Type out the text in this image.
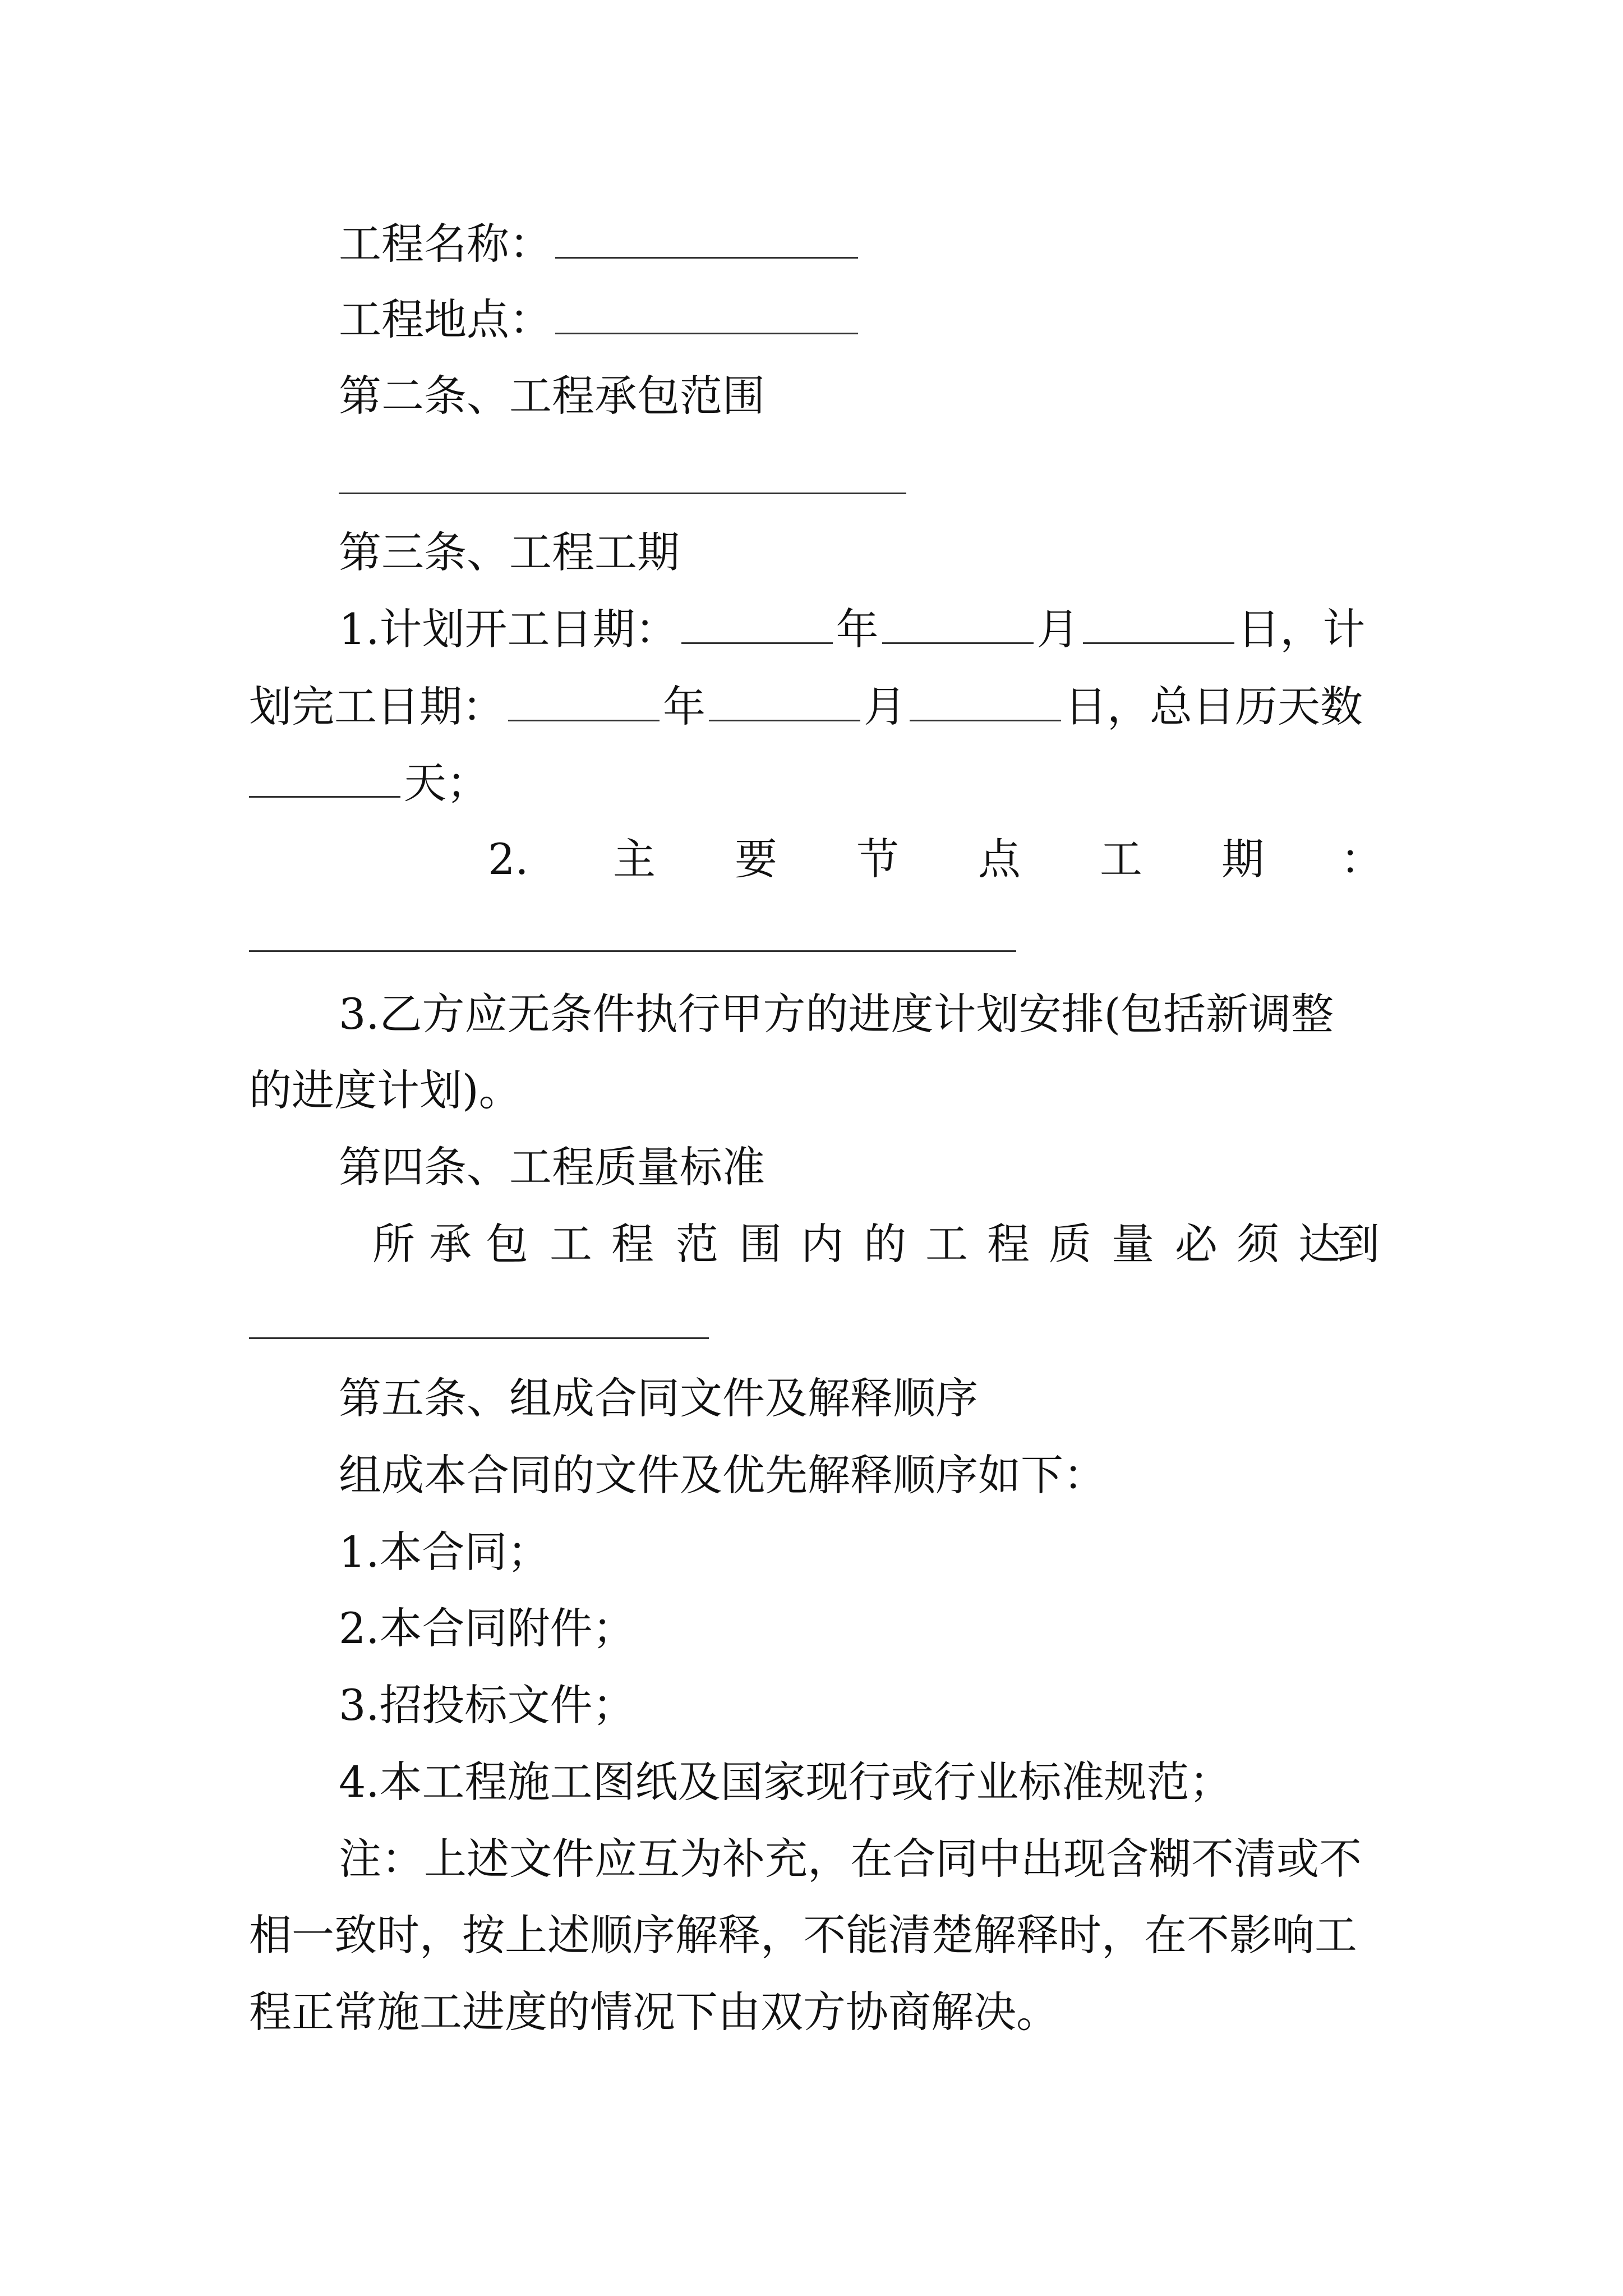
工程名称：
工程地点：
第二条、工程承包范围
第三条、工程工期
1.计划开工日期：	年	月	日，计
划完工日期：	年	月	日，总日历天数
天；
2. 主 要 节 点 工 期 ：
3.乙方应无条件执行甲方的进度计划安排(包括新调整
的进度计划)。
第四条、工程质量标准
所 承 包 工 程 范 围 内 的 工 程 质 量 必 须 达
到
第五条、组成合同文件及解释顺序
组成本合同的文件及优先解释顺序如下：
1.本合同；
2.本合同附件；
3.招投标文件；
4.本工程施工图纸及国家现行或行业标准规范；
注：上述文件应互为补充，在合同中出现含糊不清或不
相一致时，按上述顺序解释，不能清楚解释时，在不影响工
程正常施工进度的情况下由双方协商解决。
